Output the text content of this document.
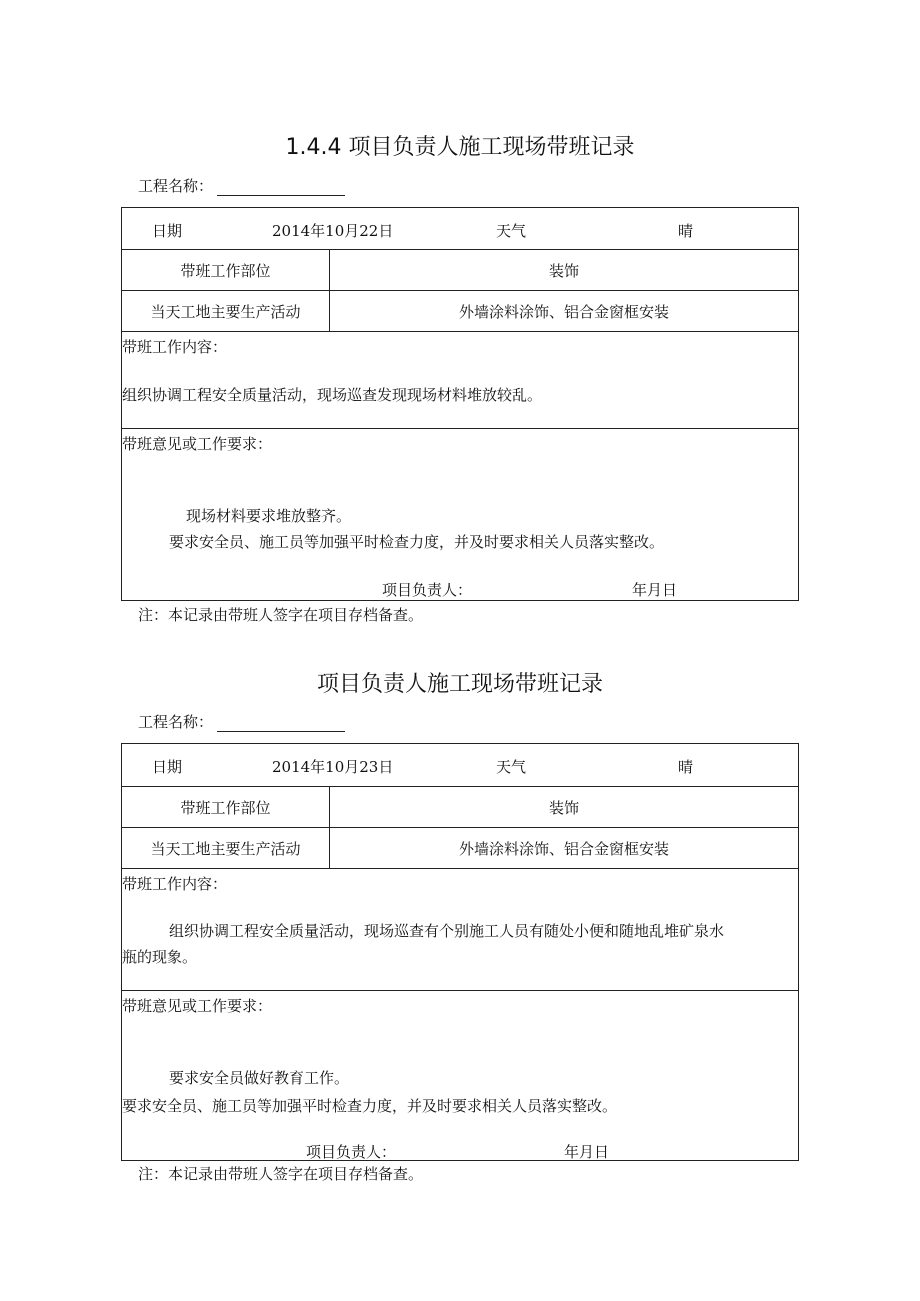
1.4.4 项目负责人施工现场带班记录
工程名称：
日期	2014年10月22日	天气	晴
带班工作部位	装饰
当天工地主要生产活动	外墙涂料涂饰、铝合金窗框安装
带班工作内容：
组织协调工程安全质量活动，现场巡查发现现场材料堆放较乱。
带班意见或工作要求：
现场材料要求堆放整齐。
要求安全员、施工员等加强平时检查力度，并及时要求相关人员落实整改。
项目负责人：	年月日
注：本记录由带班人签字在项目存档备查。
项目负责人施工现场带班记录
工程名称：
日期	2014年10月23日	天气	晴
带班工作部位	装饰
当天工地主要生产活动	外墙涂料涂饰、铝合金窗框安装
带班工作内容：
组织协调工程安全质量活动，现场巡查有个别施工人员有随处小便和随地乱堆矿泉水
瓶的现象。
带班意见或工作要求：
要求安全员做好教育工作。
要求安全员、施工员等加强平时检查力度，并及时要求相关人员落实整改。
项目负责人：	年月日
注：本记录由带班人签字在项目存档备查。
